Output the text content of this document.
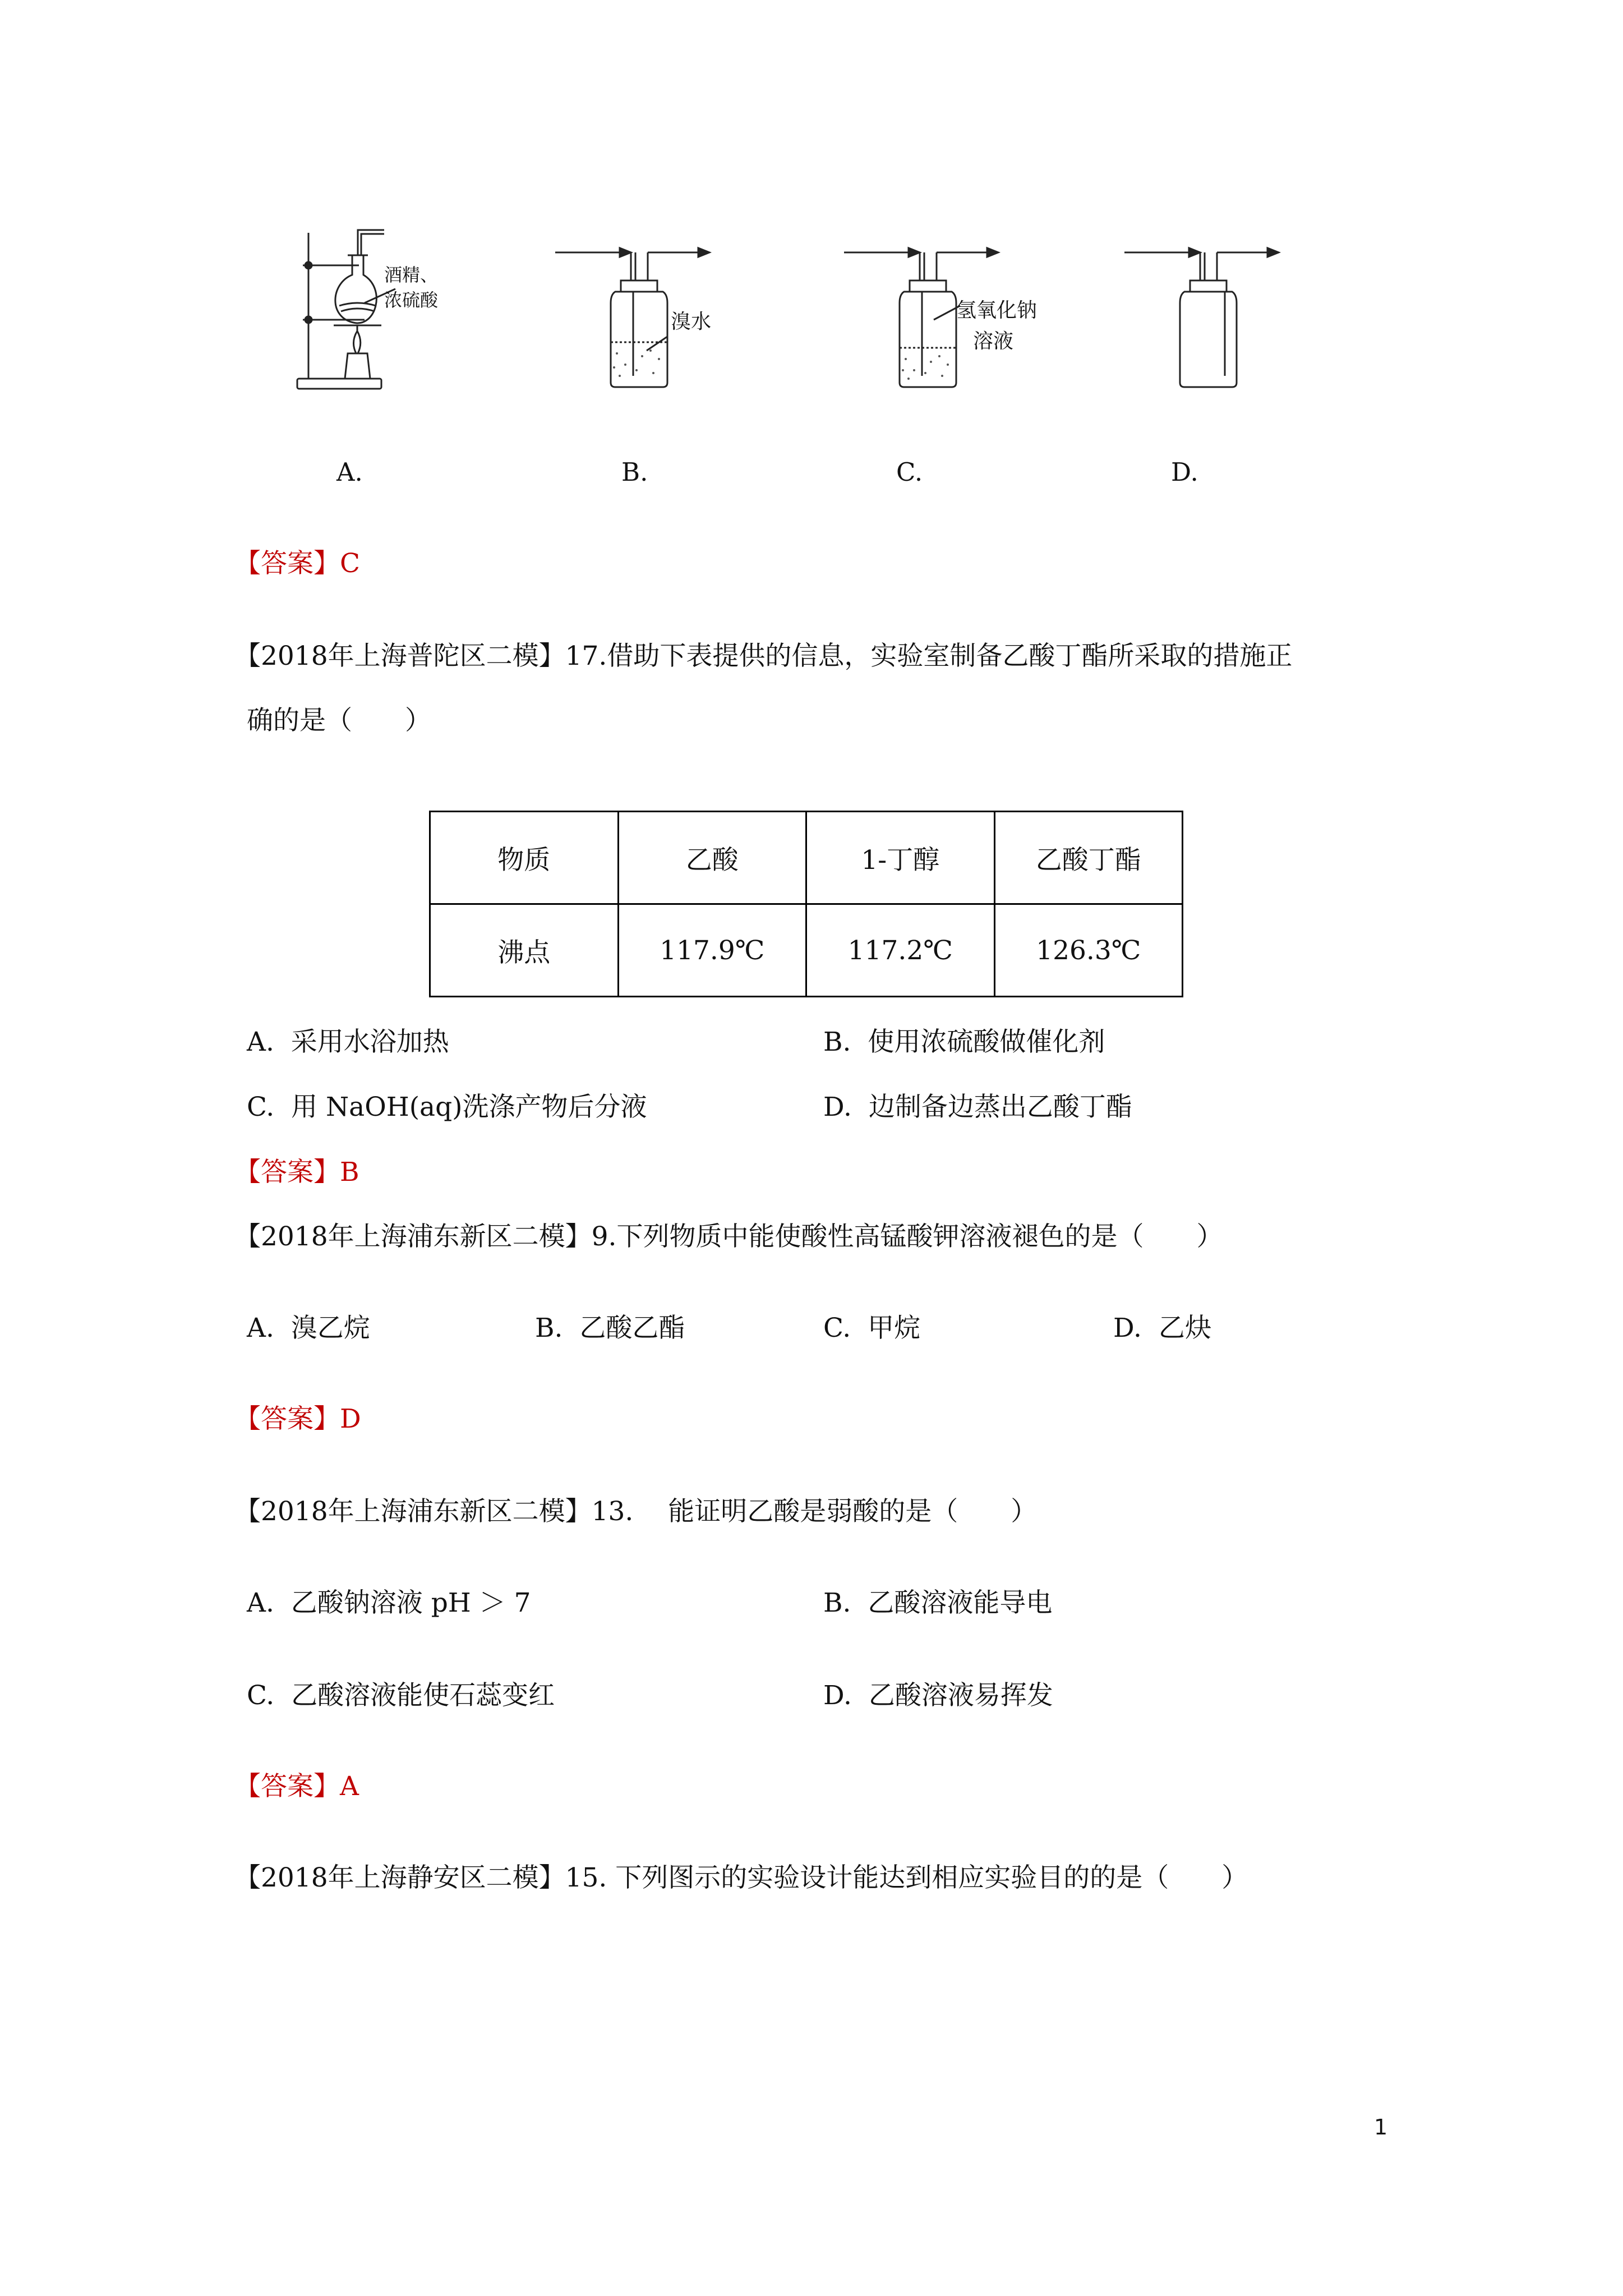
酒精、
浓硫酸
溴水	氢氧化钠
溶液
A.	B.	C.	D.
【答案】C
【2018年上海普陀区二模】17.借助下表提供的信息，实验室制备乙酸丁酯所采取的措施正
确的是（　　）
物质	乙酸	1-丁醇	乙酸丁酯
沸点	117.9℃	117.2℃	126.3℃
A.  采用水浴加热	B.  使用浓硫酸做催化剂
C.  用 NaOH(aq)洗涤产物后分液	D.  边制备边蒸出乙酸丁酯
【答案】B
【2018年上海浦东新区二模】9.下列物质中能使酸性高锰酸钾溶液褪色的是（　　）
A.  溴乙烷	B.  乙酸乙酯	C.  甲烷	D.  乙炔
【答案】D
【2018年上海浦东新区二模】13.　 能证明乙酸是弱酸的是（　　）
A.  乙酸钠溶液 pH ＞ 7	B.  乙酸溶液能导电
C.  乙酸溶液能使石蕊变红	D.  乙酸溶液易挥发
【答案】A
【2018年上海静安区二模】15. 下列图示的实验设计能达到相应实验目的的是（　　）
1
